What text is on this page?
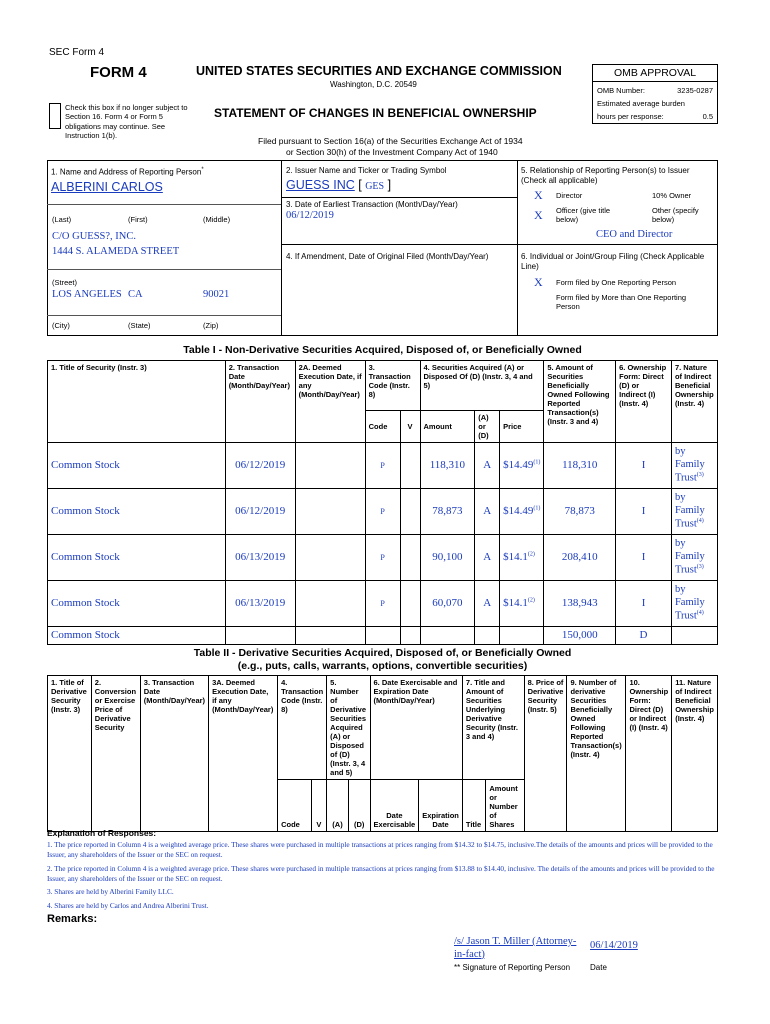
SEC Form 4
FORM 4	UNITED STATES SECURITIES AND EXCHANGE COMMISSION
Washington, D.C. 20549
Check this box if no longer subject to Section 16. Form 4 or Form 5 obligations may continue. See Instruction 1(b).
STATEMENT OF CHANGES IN BENEFICIAL OWNERSHIP
Filed pursuant to Section 16(a) of the Securities Exchange Act of 1934
or Section 30(h) of the Investment Company Act of 1940
OMB APPROVAL
OMB Number:	3235-0287
Estimated average burden
hours per response:	0.5
1. Name and Address of Reporting Person*
ALBERINI CARLOS
(Last)	(First)	(Middle)
C/O GUESS?, INC.
1444 S. ALAMEDA STREET
(Street)
LOS ANGELES CA	90021
(City)	(State)	(Zip)
2. Issuer Name and Ticker or Trading Symbol
GUESS INC [ GES ]
3. Date of Earliest Transaction (Month/Day/Year)
06/12/2019
4. If Amendment, Date of Original Filed (Month/Day/Year)
5. Relationship of Reporting Person(s) to Issuer (Check all applicable)
X Director	10% Owner
X Officer (give title below)
Other (specify below)
CEO and Director
6. Individual or Joint/Group Filing (Check Applicable Line)
X Form filed by One Reporting Person
Form filed by More than One Reporting Person
Table I - Non-Derivative Securities Acquired, Disposed of, or Beneficially Owned
1. Title of Security (Instr. 3)	2. Transaction Date (Month/Day/Year)	2A. Deemed Execution Date, if any (Month/Day/Year)	3. Transaction Code (Instr. 8)		4. Securities Acquired (A) or Disposed Of (D) (Instr. 3, 4 and 5)			5. Amount of Securities Beneficially Owned Following Reported Transaction(s) (Instr. 3 and 4)	6. Ownership Form: Direct (D) or Indirect (I) (Instr. 4)	7. Nature of Indirect Beneficial Ownership (Instr. 4)
			Code	V	Amount	(A) or (D)	Price			
Common Stock	06/12/2019		P		118,310	A	$14.49$^{(1)}$	118,310	I	by Family Trust$^{(3)}$
Common Stock	06/12/2019		P		78,873	A	$14.49$^{(1)}$	78,873	I	by Family Trust$^{(4)}$
Common Stock	06/13/2019		P		90,100	A	$14.1$^{(2)}$	208,410	I	by Family Trust$^{(3)}$
Common Stock	06/13/2019		P		60,070	A	$14.1$^{(2)}$	138,943	I	by Family Trust$^{(4)}$
Common Stock								150,000	D	
Table II - Derivative Securities Acquired, Disposed of, or Beneficially Owned
(e.g., puts, calls, warrants, options, convertible securities)
1. Title of Derivative Security (Instr. 3)	2. Conversion or Exercise Price of Derivative Security	3. Transaction Date (Month/Day/Year)	3A. Deemed Execution Date, if any (Month/Day/Year)	4. Transaction Code (Instr. 8)		5. Number of Derivative Securities Acquired (A) or Disposed of (D) (Instr. 3, 4 and 5)		6. Date Exercisable and Expiration Date (Month/Day/Year)		7. Title and Amount of Securities Underlying Derivative Security (Instr. 3 and 4)		8. Price of Derivative Security (Instr. 5)	9. Number of derivative Securities Beneficially Owned Following Reported Transaction(s) (Instr. 4)	10. Ownership Form: Direct (D) or Indirect (I) (Instr. 4)	11. Nature of Indirect Beneficial Ownership (Instr. 4)
				Code	V	(A)	(D)	Date Exercisable	Expiration Date	Title	Amount or Number of Shares				
Explanation of Responses:
1. The price reported in Column 4 is a weighted average price. These shares were purchased in multiple transactions at prices ranging from $14.32 to $14.75, inclusive.The details of the amounts and prices will be provided to the Issuer, any shareholders of the Issuer or the SEC on request.
2. The price reported in Column 4 is a weighted average price. These shares were purchased in multiple transactions at prices ranging from $13.88 to $14.40, inclusive. The details of the amounts and prices will be provided to the Issuer, any shareholders of the Issuer or the SEC on request.
3. Shares are held by Alberini Family LLC.
4. Shares are held by Carlos and Andrea Alberini Trust.
Remarks:
/s/ Jason T. Miller (Attorney-in-fact)
06/14/2019
** Signature of Reporting Person Date
